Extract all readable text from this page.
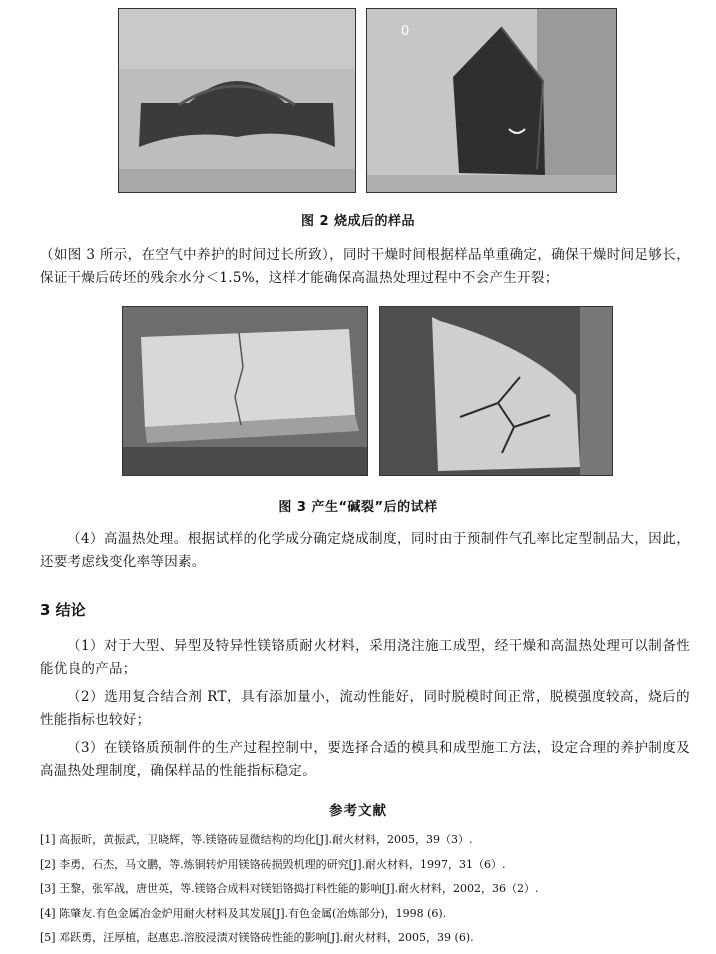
0
图 2 烧成后的样品

（如图 3 所示，在空气中养护的时间过长所致），同时干燥时间根据样品单重确定，确保干燥时间足够长，保证干燥后砖坯的残余水分＜1.5%，这样才能确保高温热处理过程中不会产生开裂；

图 3 产生“碱裂”后的试样

（4）高温热处理。根据试样的化学成分确定烧成制度，同时由于预制件气孔率比定型制品大，因此，还要考虑线变化率等因素。

3 结论

（1）对于大型、异型及特异性镁铬质耐火材料，采用浇注施工成型，经干燥和高温热处理可以制备性能优良的产品；

（2）选用复合结合剂 RT，具有添加量小，流动性能好，同时脱模时间正常，脱模强度较高，烧后的性能指标也较好；

（3）在镁铬质预制件的生产过程控制中，要选择合适的模具和成型施工方法，设定合理的养护制度及高温热处理制度，确保样品的性能指标稳定。

参考文献
[1] 高振昕，黄振武，卫晓辉，等.镁铬砖显微结构的均化[J].耐火材料，2005，39（3）.
[2] 李勇，石杰，马文鹏，等.炼铜转炉用镁铬砖损毁机理的研究[J].耐火材料，1997，31（6）.
[3] 王黎，张军战，唐世英，等.镁铬合成料对镁铝铬捣打料性能的影响[J].耐火材料，2002，36（2）.
[4] 陈肇友.有色金属冶金炉用耐火材料及其发展[J].有色金属(冶炼部分)，1998 (6).
[5] 邓跃勇，汪厚植，赵惠忠.溶胶浸渍对镁铬砖性能的影响[J].耐火材料，2005，39 (6).
